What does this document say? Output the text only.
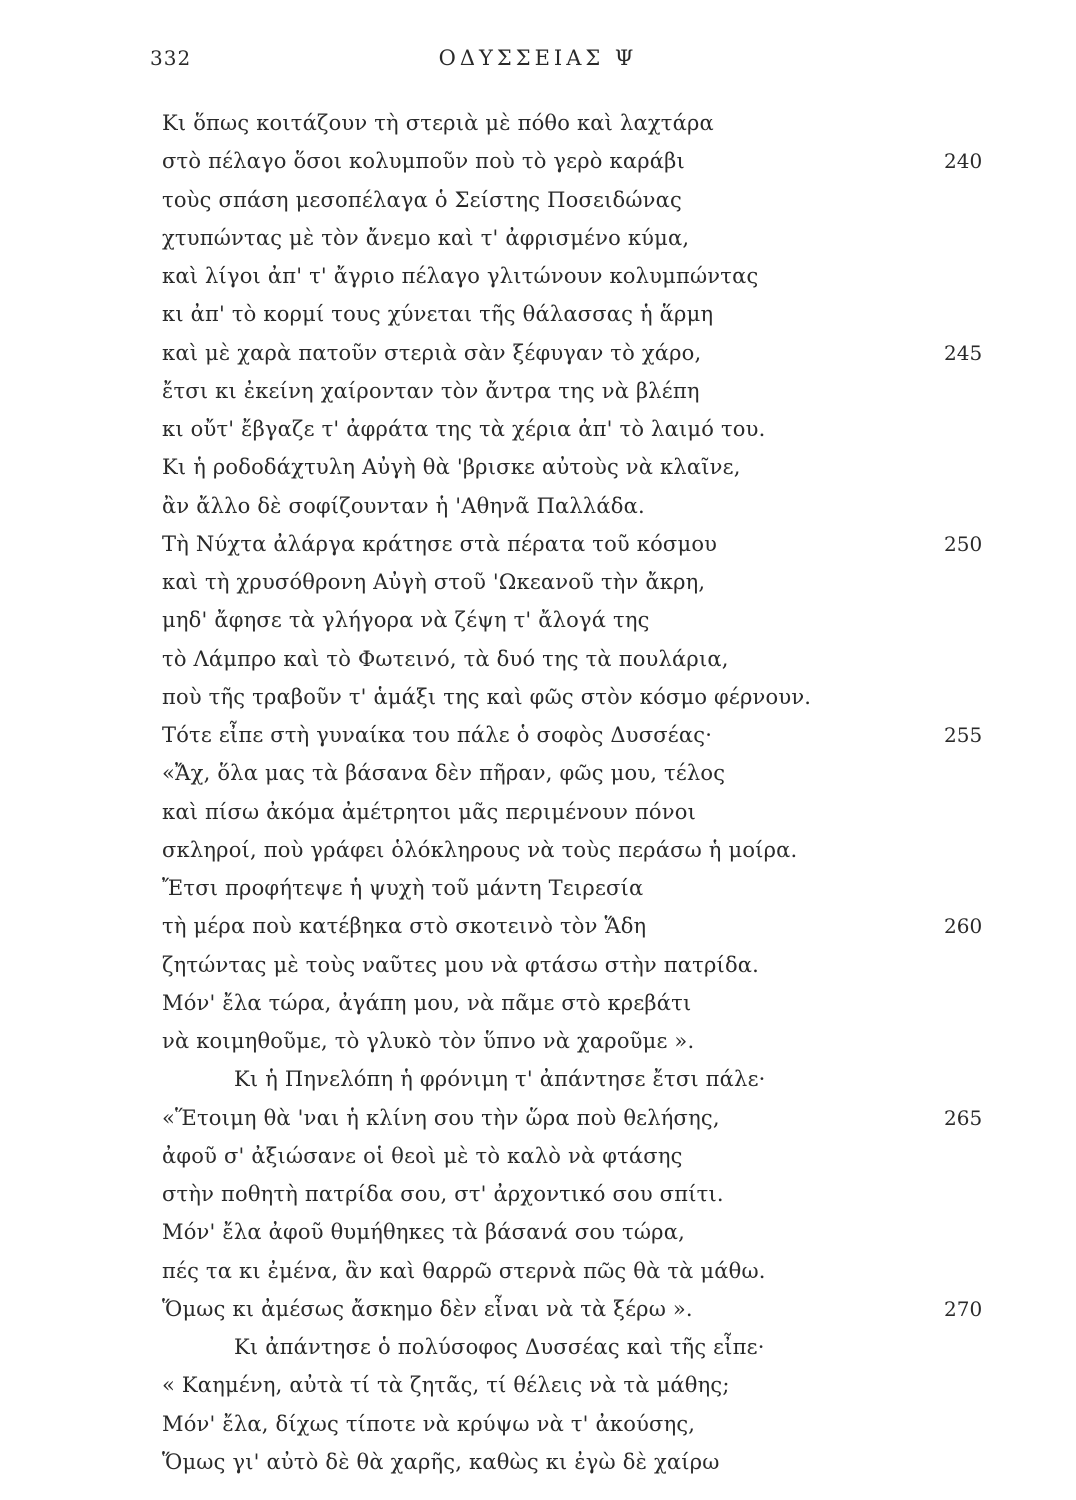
332	ΟΔΥΣΣΕΙΑΣ Ψ
Κι ὅπως κοιτάζουν τὴ στεριὰ μὲ πόθο καὶ λαχτάρα
στὸ πέλαγο ὅσοι κολυμποῦν ποὺ τὸ γερὸ καράβι	240
τοὺς σπάση μεσοπέλαγα ὁ Σείστης Ποσειδώνας
χτυπώντας μὲ τὸν ἄνεμο καὶ τ' ἀφρισμένο κύμα,
καὶ λίγοι ἀπ' τ' ἄγριο πέλαγο γλιτώνουν κολυμπώντας
κι ἀπ' τὸ κορμί τους χύνεται τῆς θάλασσας ἡ ἅρμη
καὶ μὲ χαρὰ πατοῦν στεριὰ σὰν ξέφυγαν τὸ χάρο,	245
ἔτσι κι ἐκείνη χαίρονταν τὸν ἄντρα της νὰ βλέπη
κι οὔτ' ἔβγαζε τ' ἀφράτα της τὰ χέρια ἀπ' τὸ λαιμό του.
Κι ἡ ροδοδάχτυλη Αὐγὴ θὰ 'βρισκε αὐτοὺς νὰ κλαῖνε,
ἂν ἄλλο δὲ σοφίζουνταν ἡ 'Αθηνᾶ Παλλάδα.
Τὴ Νύχτα ἀλάργα κράτησε στὰ πέρατα τοῦ κόσμου	250
καὶ τὴ χρυσόθρονη Αὐγὴ στοῦ 'Ωκεανοῦ τὴν ἄκρη,
μηδ' ἄφησε τὰ γλήγορα νὰ ζέψη τ' ἄλογά της
τὸ Λάμπρο καὶ τὸ Φωτεινό, τὰ δυό της τὰ πουλάρια,
ποὺ τῆς τραβοῦν τ' ἁμάξι της καὶ φῶς στὸν κόσμο φέρνουν.
Τότε εἶπε στὴ γυναίκα του πάλε ὁ σοφὸς Δυσσέας·	255
«Ἄχ, ὅλα μας τὰ βάσανα δὲν πῆραν, φῶς μου, τέλος
καὶ πίσω ἀκόμα ἀμέτρητοι μᾶς περιμένουν πόνοι
σκληροί, ποὺ γράφει ὁλόκληρους νὰ τοὺς περάσω ἡ μοίρα.
Ἔτσι προφήτεψε ἡ ψυχὴ τοῦ μάντη Τειρεσία
τὴ μέρα ποὺ κατέβηκα στὸ σκοτεινὸ τὸν Ἅδη	260
ζητώντας μὲ τοὺς ναῦτες μου νὰ φτάσω στὴν πατρίδα.
Μόν' ἔλα τώρα, ἀγάπη μου, νὰ πᾶμε στὸ κρεβάτι
νὰ κοιμηθοῦμε, τὸ γλυκὸ τὸν ὕπνο νὰ χαροῦμε ».
Κι ἡ Πηνελόπη ἡ φρόνιμη τ' ἀπάντησε ἔτσι πάλε·
«Ἕτοιμη θὰ 'ναι ἡ κλίνη σου τὴν ὥρα ποὺ θελήσης,	265
ἀφοῦ σ' ἀξιώσανε οἱ θεοὶ μὲ τὸ καλὸ νὰ φτάσης
στὴν ποθητὴ πατρίδα σου, στ' ἀρχοντικό σου σπίτι.
Μόν' ἔλα ἀφοῦ θυμήθηκες τὰ βάσανά σου τώρα,
πές τα κι ἐμένα, ἂν καὶ θαρρῶ στερνὰ πῶς θὰ τὰ μάθω.
Ὅμως κι ἀμέσως ἄσκημο δὲν εἶναι νὰ τὰ ξέρω ».	270
Κι ἀπάντησε ὁ πολύσοφος Δυσσέας καὶ τῆς εἶπε·
« Καημένη, αὐτὰ τί τὰ ζητᾶς, τί θέλεις νὰ τὰ μάθης;
Μόν' ἔλα, δίχως τίποτε νὰ κρύψω νὰ τ' ἀκούσης,
Ὅμως γι' αὐτὸ δὲ θὰ χαρῆς, καθὼς κι ἐγὼ δὲ χαίρω
